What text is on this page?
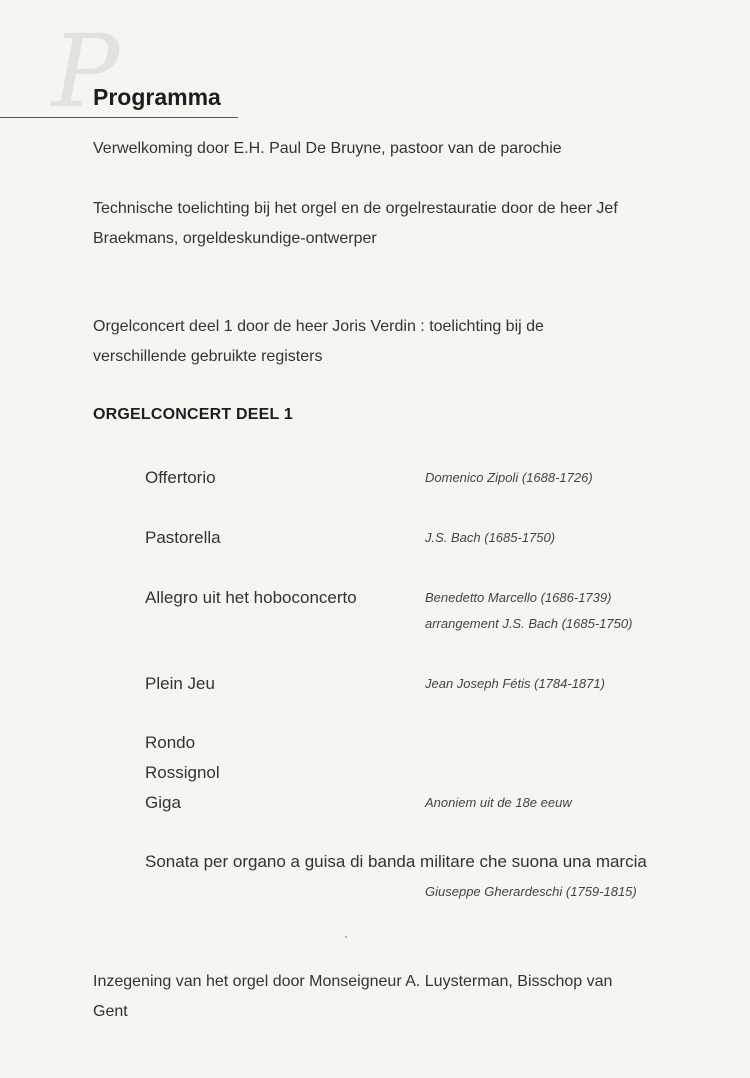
P
Programma
Verwelkoming door E.H. Paul De Bruyne, pastoor van de parochie
Technische toelichting bij het orgel en de orgelrestauratie door de heer Jef
Braekmans, orgeldeskundige-ontwerper
Orgelconcert deel 1 door de heer Joris Verdin : toelichting bij de
verschillende gebruikte registers
ORGELCONCERT DEEL 1
Offertorio	Domenico Zipoli (1688-1726)
Pastorella	J.S. Bach (1685-1750)
Allegro uit het hoboconcerto	Benedetto Marcello (1686-1739)
arrangement J.S. Bach (1685-1750)
Plein Jeu	Jean Joseph Fétis (1784-1871)
Rondo
Rossignol
Giga	Anoniem uit de 18e eeuw
Sonata per organo a guisa di banda militare che suona una marcia
Giuseppe Gherardeschi (1759-1815)
Inzegening van het orgel door Monseigneur A. Luysterman, Bisschop van
Gent
